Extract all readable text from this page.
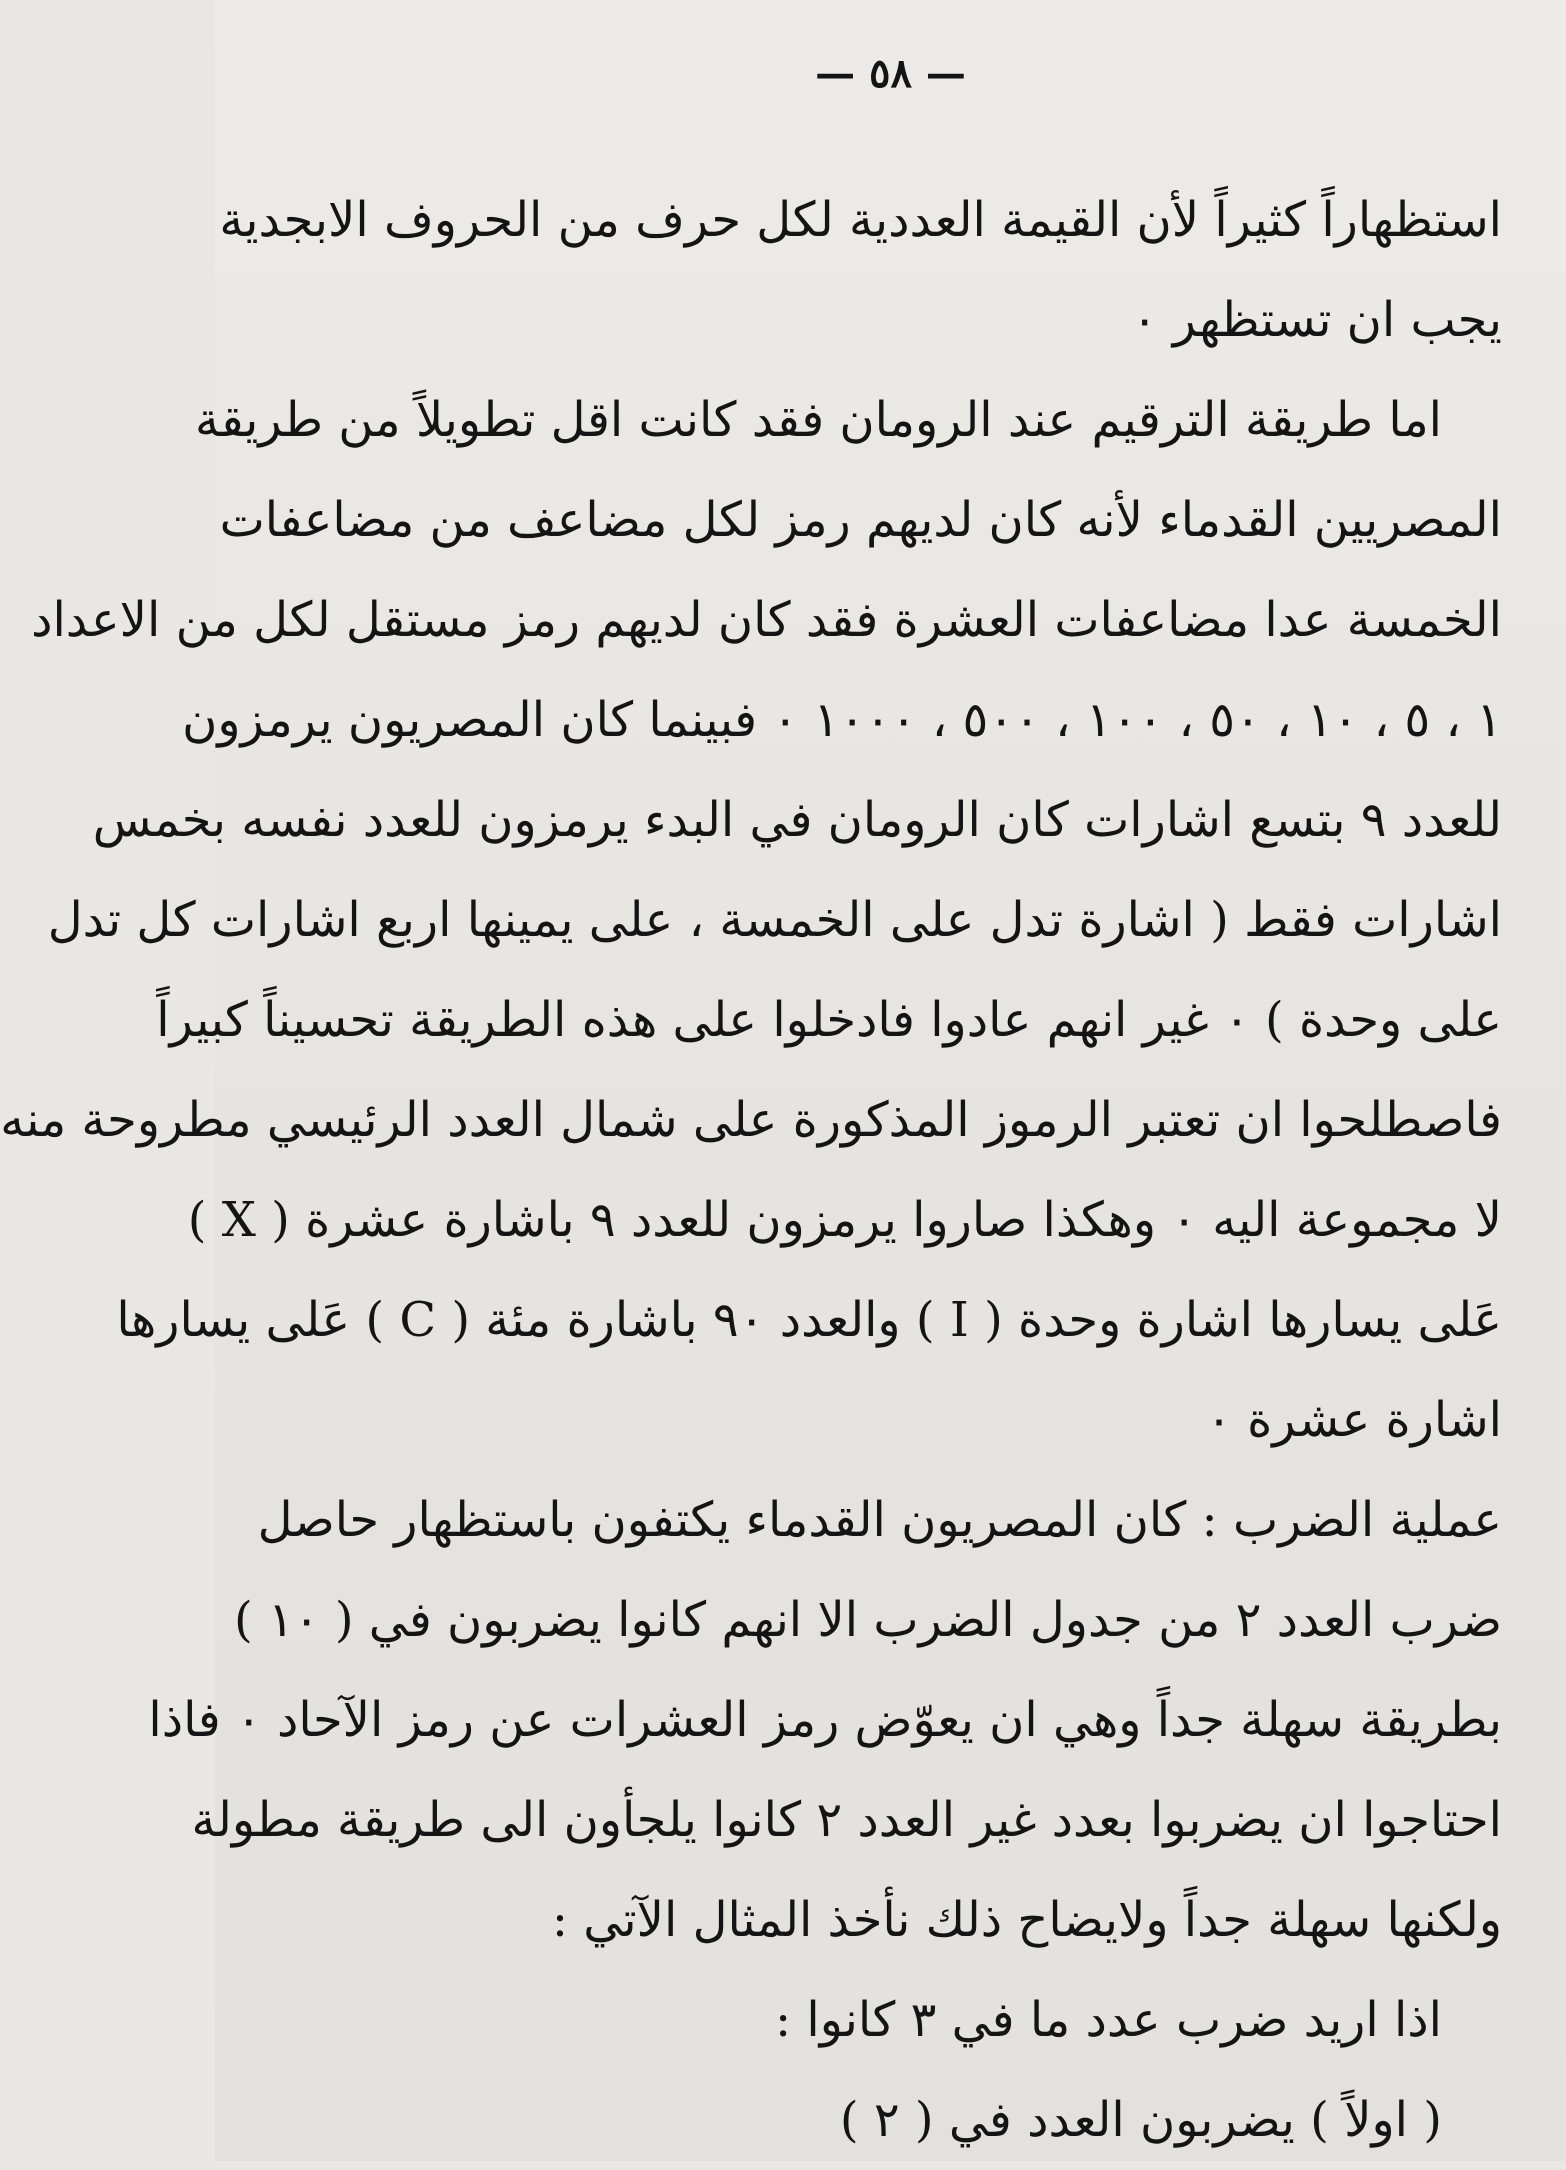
— ٥٨ —
استظهاراً كثيراً لأن القيمة العددية لكل حرف من الحروف الابجدية
يجب ان تستظهر ٠
اما طريقة الترقيم عند الرومان فقد كانت اقل تطويلاً من طريقة
المصريين القدماء لأنه كان لديهم رمز لكل مضاعف من مضاعفات
الخمسة عدا مضاعفات العشرة فقد كان لديهم رمز مستقل لكل من الاعداد
١ ، ٥ ، ١٠ ، ٥٠ ، ١٠٠ ، ٥٠٠ ، ١٠٠٠ ٠ فبينما كان المصريون يرمزون
للعدد ٩ بتسع اشارات كان الرومان في البدء يرمزون للعدد نفسه بخمس
اشارات فقط ( اشارة تدل على الخمسة ، على يمينها اربع اشارات كل تدل
على وحدة ) ٠ غير انهم عادوا فادخلوا على هذه الطريقة تحسيناً كبيراً
فاصطلحوا ان تعتبر الرموز المذكورة على شمال العدد الرئيسي مطروحة منه
لا مجموعة اليه ٠ وهكذا صاروا يرمزون للعدد ٩ باشارة عشرة ( X )
عَلى يسارها اشارة وحدة ( I ) والعدد ٩٠ باشارة مئة ( C ) عَلى يسارها
اشارة عشرة ٠
عملية الضرب : كان المصريون القدماء يكتفون باستظهار حاصل
ضرب العدد ٢ من جدول الضرب الا انهم كانوا يضربون في ( ١٠ )
بطريقة سهلة جداً وهي ان يعوّض رمز العشرات عن رمز الآحاد ٠ فاذا
احتاجوا ان يضربوا بعدد غير العدد ٢ كانوا يلجأون الى طريقة مطولة
ولكنها سهلة جداً ولايضاح ذلك نأخذ المثال الآتي :
اذا اريد ضرب عدد ما في ٣ كانوا :
( اولاً ) يضربون العدد في ( ٢ )
